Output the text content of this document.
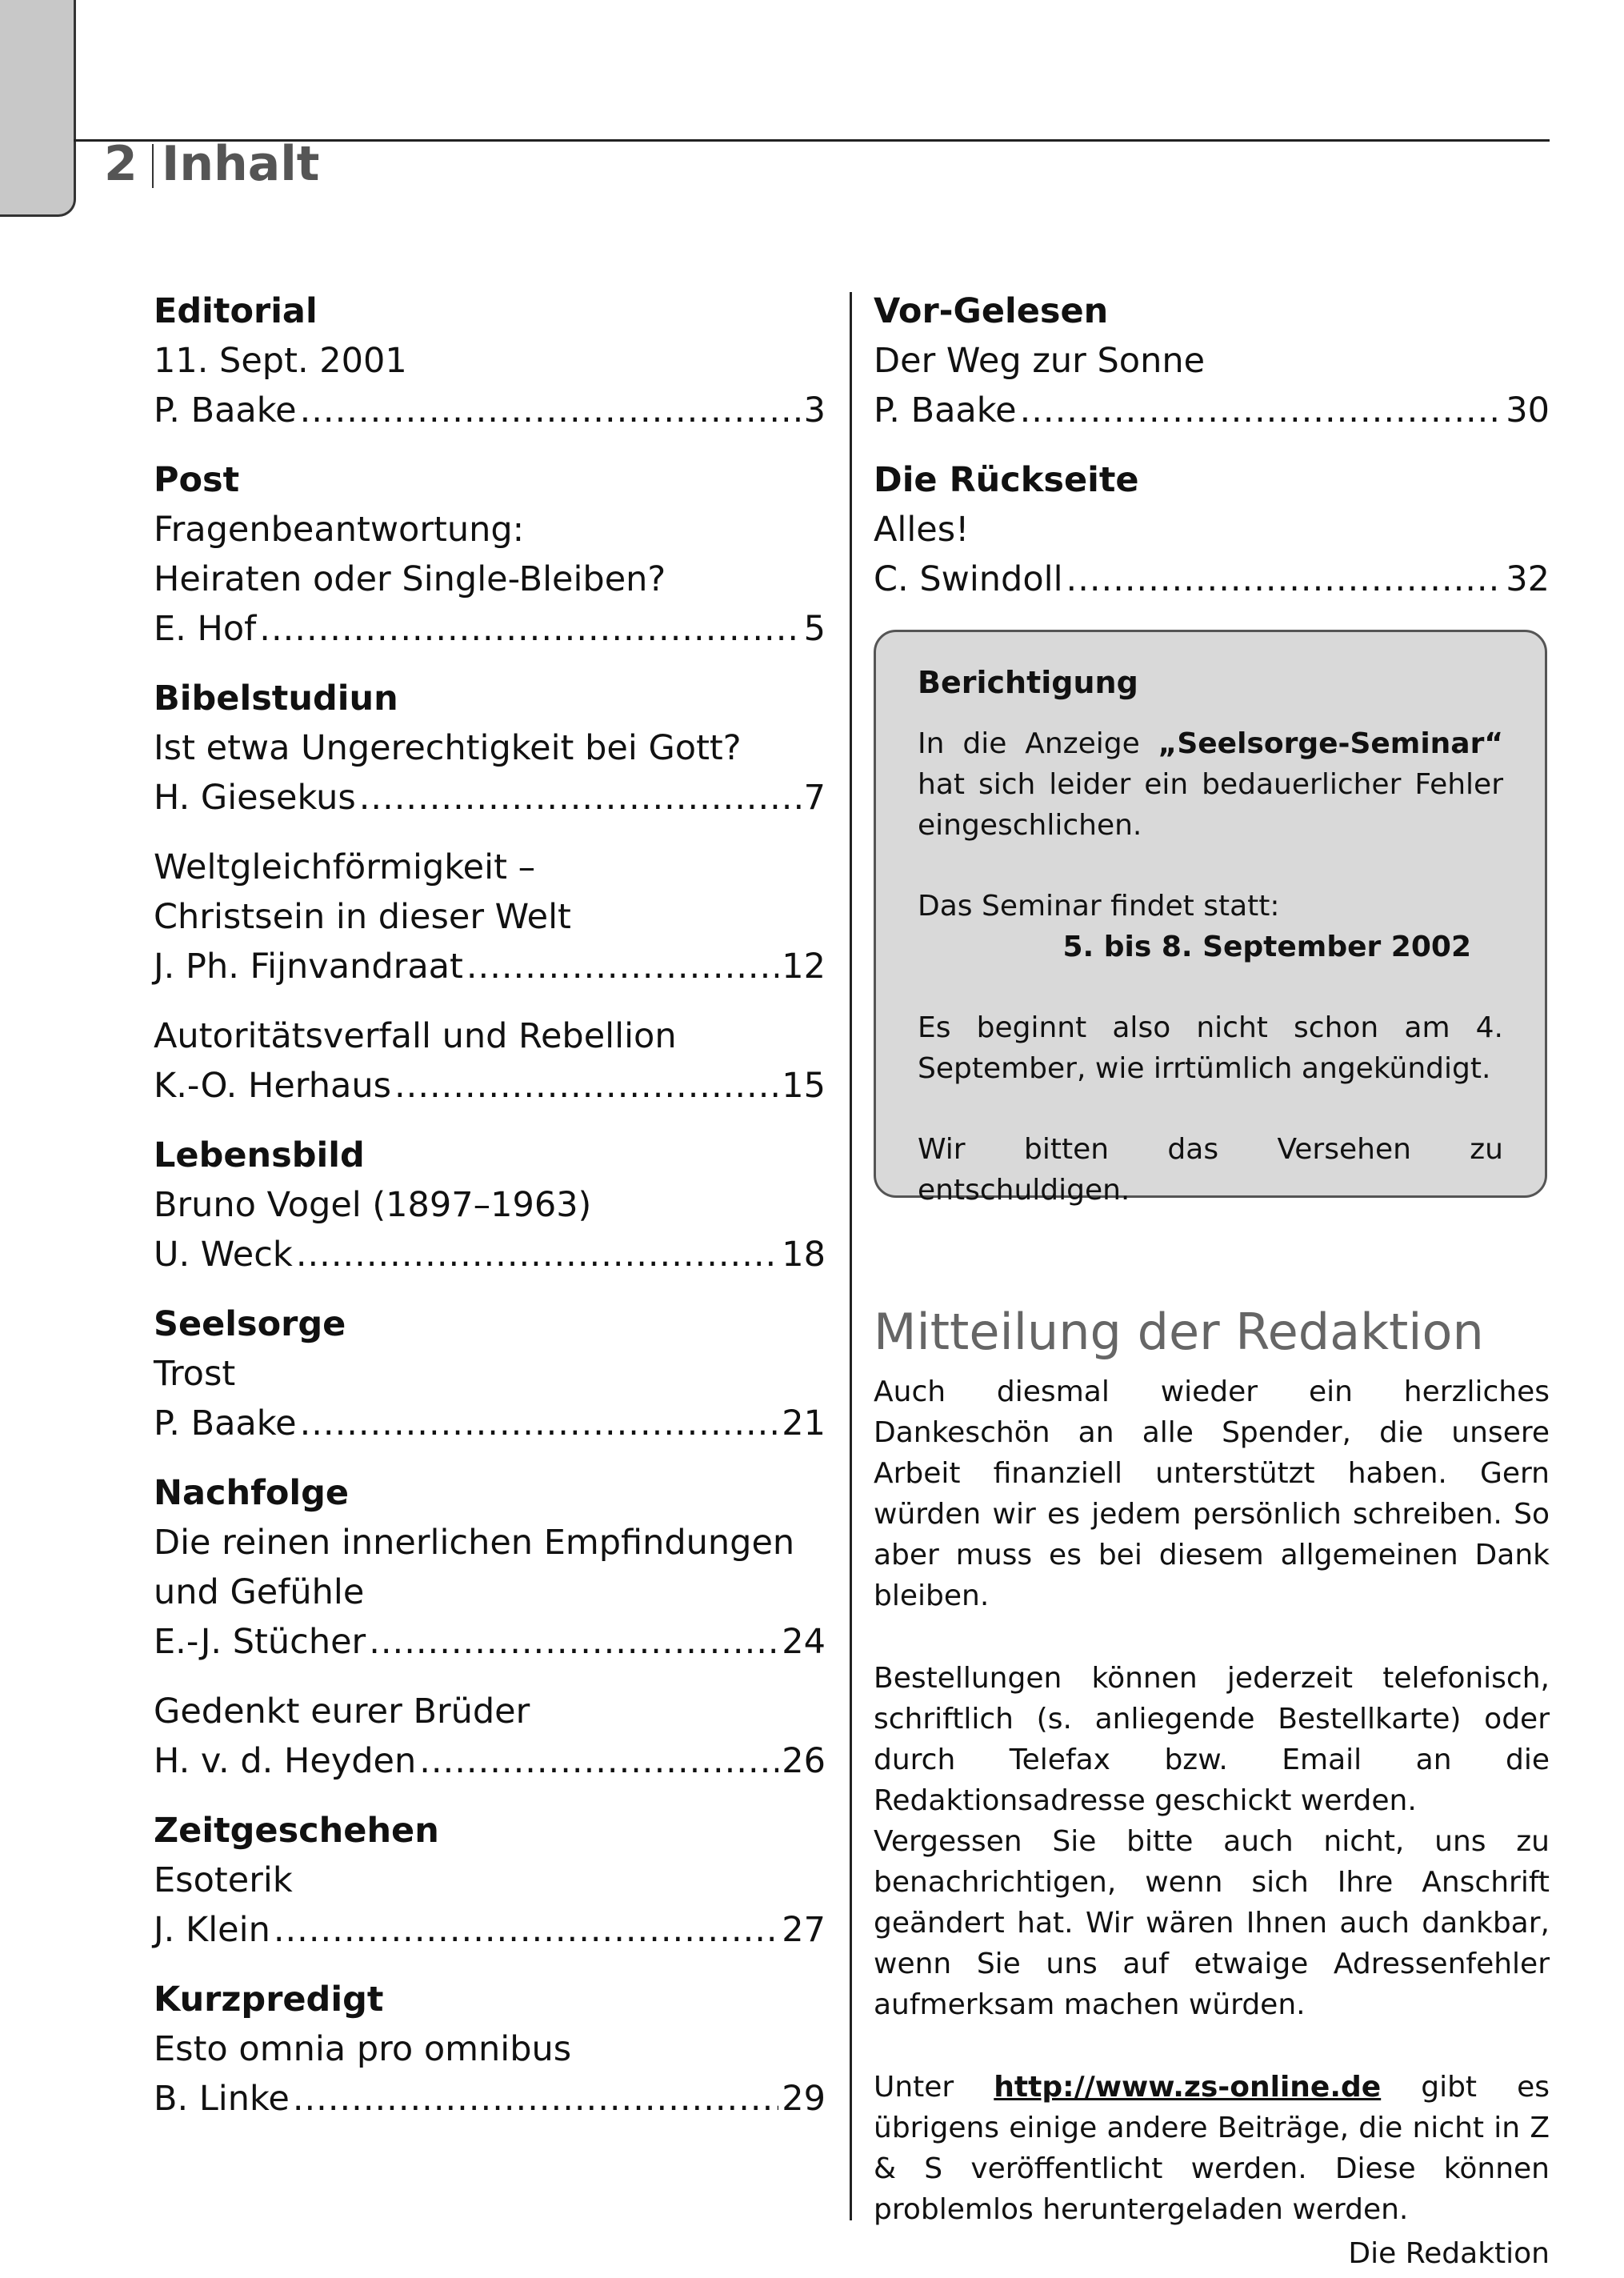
2 Inhalt
Editorial
11. Sept. 2001
P. Baake .....	3
Post
Fragenbeantwortung:
Heiraten oder Single-Bleiben?
E. Hof .....	5
Bibelstudiun
Ist etwa Ungerechtigkeit bei Gott?
H. Giesekus .....	7
Weltgleichförmigkeit –
Christsein in dieser Welt
J. Ph. Fijnvandraat .....	12
Autoritätsverfall und Rebellion
K.-O. Herhaus .....	15
Lebensbild
Bruno Vogel (1897–1963)
U. Weck .....	18
Seelsorge
Trost
P. Baake .....	21
Nachfolge
Die reinen innerlichen Empfindungen
und Gefühle
E.-J. Stücher .....	24
Gedenkt eurer Brüder
H. v. d. Heyden .....	26
Zeitgeschehen
Esoterik
J. Klein .....	27
Kurzpredigt
Esto omnia pro omnibus
B. Linke .....	29
Vor-Gelesen
Der Weg zur Sonne
P. Baake .....	30
Die Rückseite
Alles!
C. Swindoll .....	32
Berichtigung

In die Anzeige „Seelsorge-Seminar“ hat sich leider ein bedauerlicher Fehler eingeschlichen.

Das Seminar findet statt:

5. bis 8. September 2002

Es beginnt also nicht schon am 4. September, wie irrtümlich angekündigt.

Wir bitten das Versehen zu entschuldigen.

Mitteilung der Redaktion

Auch diesmal wieder ein herzliches Dankeschön an alle Spender, die unsere Arbeit finanziell unterstützt haben. Gern würden wir es jedem persönlich schreiben. So aber muss es bei diesem allgemeinen Dank bleiben.

Bestellungen können jederzeit telefonisch, schriftlich (s. anliegende Bestellkarte) oder durch Telefax bzw. Email an die Redaktionsadresse geschickt werden.

Vergessen Sie bitte auch nicht, uns zu benachrichtigen, wenn sich Ihre Anschrift geändert hat. Wir wären Ihnen auch dankbar, wenn Sie uns auf etwaige Adressenfehler aufmerksam machen würden.

Unter http://www.zs-online.de gibt es übrigens einige andere Beiträge, die nicht in Z & S veröffentlicht werden. Diese können problemlos heruntergeladen werden.

Die Redaktion
